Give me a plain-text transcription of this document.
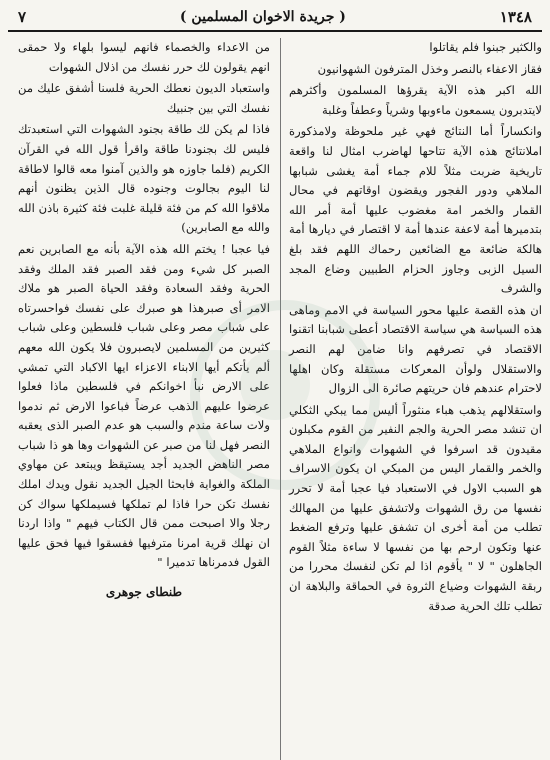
١٣٤٨
( جريدة الاخوان المسلمين )
٧

والكثير جبنوا فلم يقاتلوا

فقاز الاعفاء بالنصر وخذل المترفون الشهوانيون

الله اكبر هذه الآية يقرؤها المسلمون وأكثرهم لايتدبرون يسمعون ماءوبها وشرياً وعطفاً وغلبة

وانكساراً أما النتائج فهي غير ملحوظة ولامذكورة املانتائج هذه الآية تتاحها لهاضرب امثال لنا واقعة تاريخية ضربت مثلاً للام جماء أمة يغشى شبابها الملاهي ودور الفجور ويقضون اوقاتهم في محال القمار والخمر امة مغضوب عليها أمة أمر الله بتدميرها أمة لاعفة عندها أمة لا اقتصار في ديارها أمة هالكة ضائعة مع الضائعين رحماك اللهم فقد بلغ السيل الزبى وجاوز الحزام الطبيين وضاع المجد والشرف

ان هذه القصة عليها محور السياسة في الامم وماهى هذه السياسة هي سياسة الاقتصاد أعطى شبابنا اتقنوا الاقتصاد في تصرفهم وانا ضامن لهم النصر والاستقلال ولوأن المعركات مستقلة وكان اهلها لاحترام عندهم فان حريتهم صائرة الى الزوال

واستقلالهم يذهب هباء منثوراً أليس مما يبكي الثكلي ان تنشد مصر الحرية والجم النفير من القوم مكبلون مقيدون قد اسرفوا في الشهوات وانواع الملاهي والخمر والقمار اليس من المبكي ان يكون الاسراف هو السبب الاول في الاستعباد فيا عجبا أمة لا تحرر نفسها من رق الشهوات ولاتشفق عليها من المهالك تطلب من أمة أخرى ان تشفق عليها وترفع الضغط عنها وتكون ارحم بها من نفسها لا ساءة مثلاً القوم الجاهلون " لا " يأقوم اذا لم تكن لنفسك محررا من ربقة الشهوات وضياع الثروة في الحماقة والبلاهة ان تطلب تلك الحرية صدقة

من الاعداء والخصماء فانهم ليسوا بلهاء ولا حمقى انهم يقولون لك حرر نفسك من اذلال الشهوات

واستعباد الديون نعطك الحرية فلسنا أشفق عليك من نفسك التي بين جنبيك

فاذا لم يكن لك طاقة بجنود الشهوات التي استعبدتك فليس لك بجنودنا طاقة واقرأ قول الله في القرآن الكريم (فلما جاوزه هو والذين آمنوا معه قالوا لاطاقة لنا اليوم بجالوت وجنوده قال الذين يظنون أنهم ملاقوا الله كم من فئة قليلة غلبت فئة كثيرة باذن الله والله مع الصابرين)

فيا عجبا ! يختم الله هذه الآية بأنه مع الصابرين نعم الصبر كل شيء ومن فقد الصبر فقد الملك وفقد الحرية وفقد السعادة وفقد الحياة الصبر هو ملاك الامر أى صبرهذا هو صبرك على نفسك فواحسرتاه على شباب مصر وعلى شباب فلسطين وعلى شباب كثيرين من المسلمين لايصبرون فلا يكون الله معهم ألم يأتكم أيها الابناء الاعزاء ايها الاكباد التي تمشي على الارض نبأ اخوانكم في فلسطين ماذا فعلوا عرضوا عليهم الذهب عرضاً فباعوا الارض ثم ندموا ولات ساعة مندم والسبب هو عدم الصبر الذى يعقبه النصر فهل لنا من صبر عن الشهوات وها هو ذا شباب مصر الناهض الجديد أجد يستيقظ ويبتعد عن مهاوي الملكة والغواية فابحثا الجيل الجديد نقول ويدك املك نفسك تكن حرا فاذا لم تملكها فسيملكها سواك كن رجلا والا اصبحت ممن قال الكتاب فيهم " واذا اردنا ان نهلك قرية امرنا مترفيها ففسقوا فيها فحق عليها القول فدمرناها تدميرا "

طنطاى جوهرى
